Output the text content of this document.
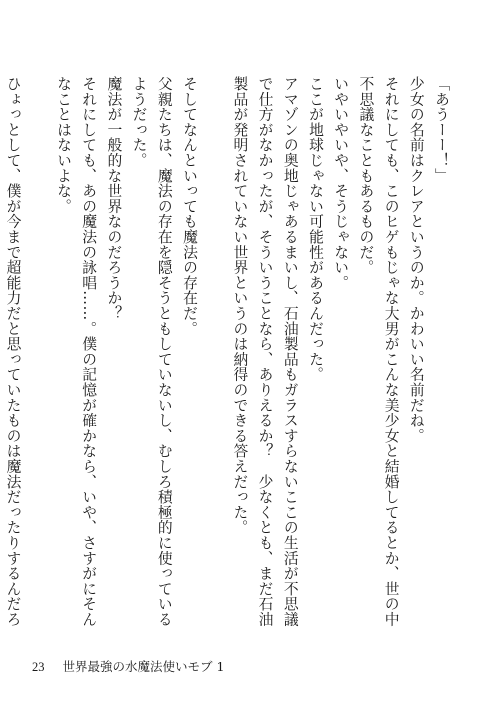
「あうーー！」

少女の名前はクレアというのか。かわいい名前だね。

それにしても、このヒゲもじゃな大男がこんな美少女と結婚してるとか、世の中不思議なこともあるものだ。

いやいやいや、そうじゃない。

ここが地球じゃない可能性があるんだった。

アマゾンの奥地じゃあるまいし、石油製品もガラスすらないここの生活が不思議で仕方がなかったが、そういうことなら、ありえるか？　少なくとも、まだ石油製品が発明されていない世界というのは納得のできる答えだった。

そしてなんといっても魔法の存在だ。

父親たちは、魔法の存在を隠そうともしていないし、むしろ積極的に使っているようだった。

魔法が一般的な世界なのだろうか？

それにしても、あの魔法の詠唱……。僕の記憶が確かなら、いや、さすがにそんなことはないよな。

ひょっとして、僕が今まで超能力だと思っていたものは魔法だったりするんだろ

23 世界最強の水魔法使いモブ 1
